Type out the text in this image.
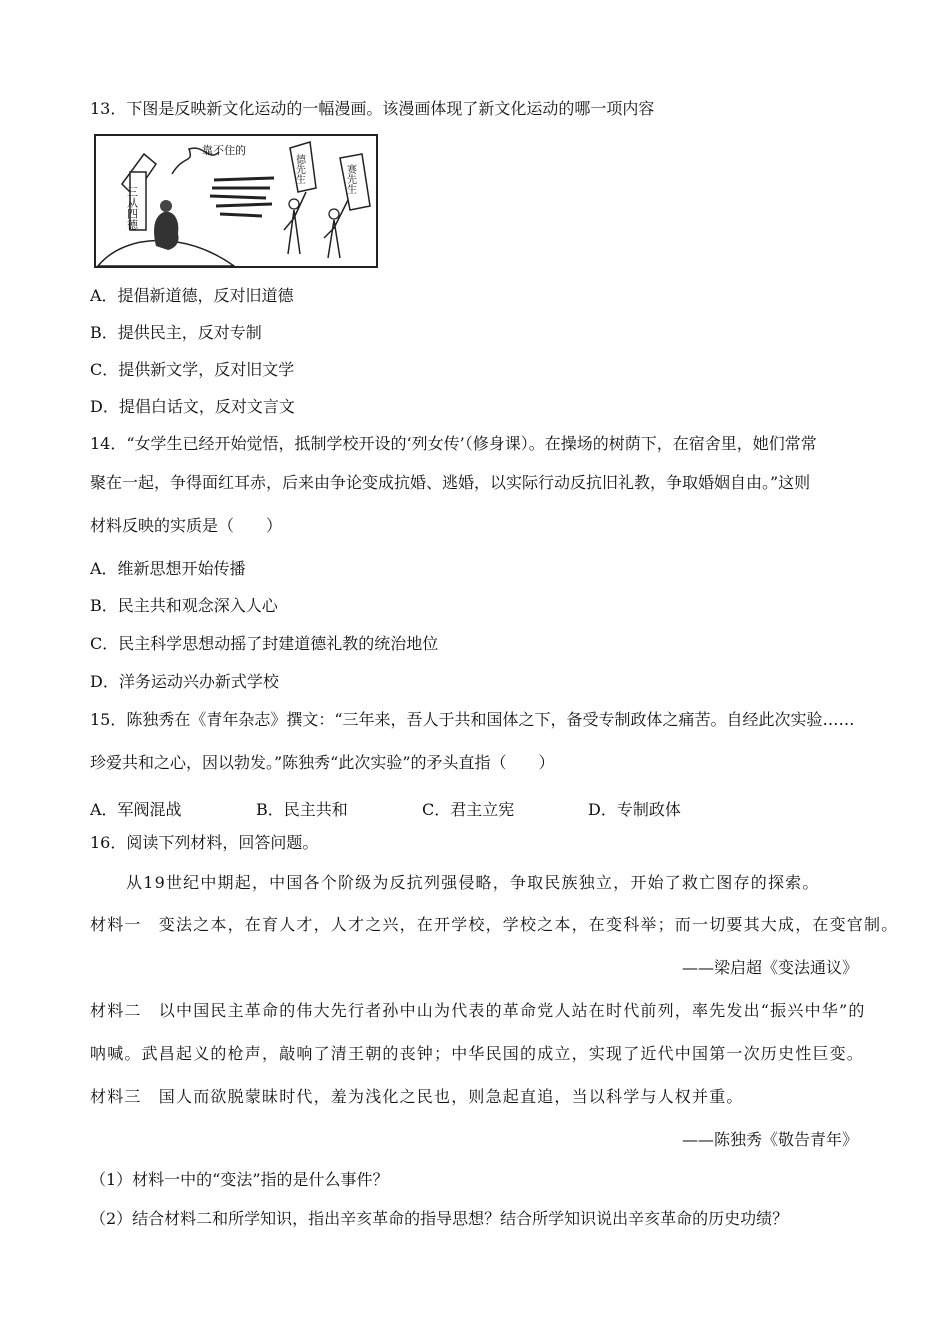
13．下图是反映新文化运动的一幅漫画。该漫画体现了新文化运动的哪一项内容
三从四德
靠不住的
德先生	赛先生
A．提倡新道德，反对旧道德
B．提供民主，反对专制
C．提供新文学，反对旧文学
D．提倡白话文，反对文言文
14．“女学生已经开始觉悟，抵制学校开设的‘列女传’（修身课）。在操场的树荫下，在宿舍里，她们常常
聚在一起，争得面红耳赤，后来由争论变成抗婚、逃婚，以实际行动反抗旧礼教，争取婚姻自由。”这则
材料反映的实质是（　　）
A．维新思想开始传播
B．民主共和观念深入人心
C．民主科学思想动摇了封建道德礼教的统治地位
D．洋务运动兴办新式学校
15．陈独秀在《青年杂志》撰文：“三年来，吾人于共和国体之下，备受专制政体之痛苦。自经此次实验……
珍爱共和之心，因以勃发。”陈独秀“此次实验”的矛头直指（　　）
A．军阀混战	B．民主共和	C．君主立宪	D．专制政体
16．阅读下列材料，回答问题。
从19世纪中期起，中国各个阶级为反抗列强侵略，争取民族独立，开始了救亡图存的探索。
材料一　变法之本，在育人才，人才之兴，在开学校，学校之本，在变科举；而一切要其大成，在变官制。
——梁启超《变法通议》
材料二　以中国民主革命的伟大先行者孙中山为代表的革命党人站在时代前列，率先发出“振兴中华”的
呐喊。武昌起义的枪声，敲响了清王朝的丧钟；中华民国的成立，实现了近代中国第一次历史性巨变。
材料三　国人而欲脱蒙昧时代，羞为浅化之民也，则急起直追，当以科学与人权并重。
——陈独秀《敬告青年》
（1）材料一中的“变法”指的是什么事件？
（2）结合材料二和所学知识，指出辛亥革命的指导思想？结合所学知识说出辛亥革命的历史功绩？
